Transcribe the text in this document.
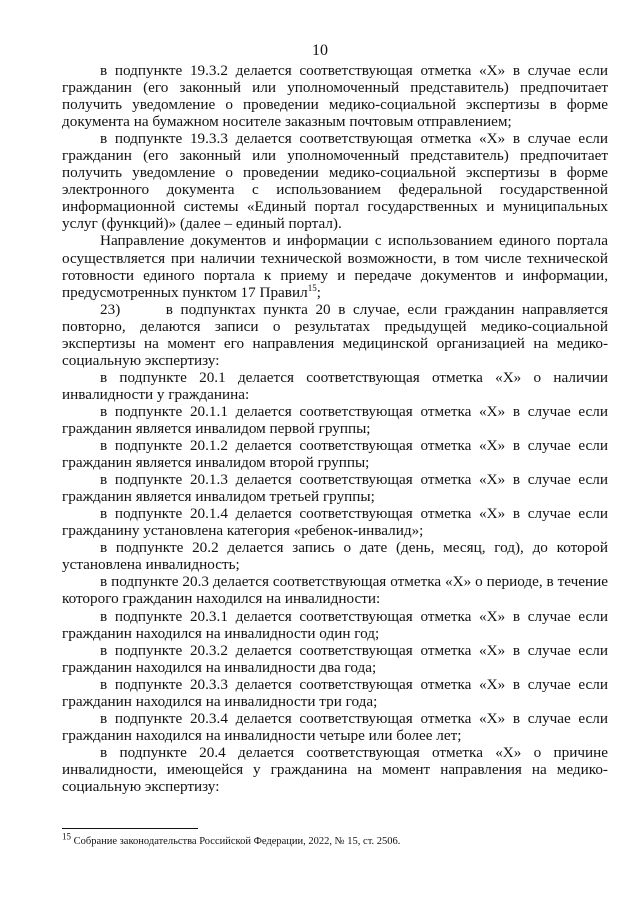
10

в подпункте 19.3.2 делается соответствующая отметка «Х» в случае если гражданин (его законный или уполномоченный представитель) предпочитает получить уведомление о проведении медико-социальной экспертизы в форме документа на бумажном носителе заказным почтовым отправлением;

в подпункте 19.3.3 делается соответствующая отметка «Х» в случае если гражданин (его законный или уполномоченный представитель) предпочитает получить уведомление о проведении медико-социальной экспертизы в форме электронного документа с использованием федеральной государственной информационной системы «Единый портал государственных и муниципальных услуг (функций)» (далее – единый портал).

Направление документов и информации с использованием единого портала осуществляется при наличии технической возможности, в том числе технической готовности единого портала к приему и передаче документов и информации, предусмотренных пунктом 17 Правил$^{15}$;

23)      в подпунктах пункта 20 в случае, если гражданин направляется повторно, делаются записи о результатах предыдущей медико-социальной экспертизы на момент его направления медицинской организацией на медико-социальную экспертизу:

в подпункте 20.1 делается соответствующая отметка «Х» о наличии инвалидности у гражданина:

в подпункте 20.1.1 делается соответствующая отметка «Х» в случае если гражданин является инвалидом первой группы;

в подпункте 20.1.2 делается соответствующая отметка «Х» в случае если гражданин является инвалидом второй группы;

в подпункте 20.1.3 делается соответствующая отметка «Х» в случае если гражданин является инвалидом третьей группы;

в подпункте 20.1.4 делается соответствующая отметка «Х» в случае если гражданину установлена категория «ребенок-инвалид»;

в подпункте 20.2 делается запись о дате (день, месяц, год), до которой установлена инвалидность;

в подпункте 20.3 делается соответствующая отметка «Х» о периоде, в течение которого гражданин находился на инвалидности:

в подпункте 20.3.1 делается соответствующая отметка «Х» в случае если гражданин находился на инвалидности один год;

в подпункте 20.3.2 делается соответствующая отметка «Х» в случае если гражданин находился на инвалидности два года;

в подпункте 20.3.3 делается соответствующая отметка «Х» в случае если гражданин находился на инвалидности три года;

в подпункте 20.3.4 делается соответствующая отметка «Х» в случае если гражданин находился на инвалидности четыре или более лет;

в подпункте 20.4 делается соответствующая отметка «Х» о причине инвалидности, имеющейся у гражданина на момент направления на медико-социальную экспертизу:

15 Собрание законодательства Российской Федерации, 2022, № 15, ст. 2506.
